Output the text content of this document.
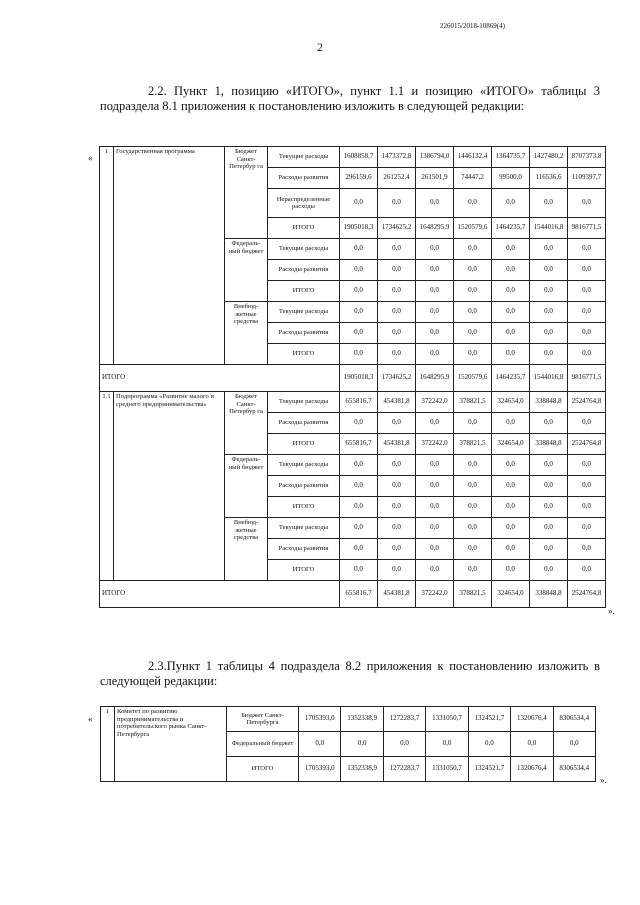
226015/2018-10869(4)
2
2.2. Пункт 1, позицию «ИТОГО», пункт 1.1 и позицию «ИТОГО» таблицы 3 подраздела 8.1 приложения к постановлению изложить в следующей редакции:
«
1	Государственная программа	Бюджет Санкт-Петербур га	Текущие расходы	1608858,7	1473372,8	1386794,0	1446132,4	1364735,7	1427480,2	8707373,8
			Расходы развития	296159,6	261252,4	261501,9	74447,2	99500,0	116536,6	1109397,7
			Нераспределенные расходы	0,0	0,0	0,0	0,0	0,0	0,0	0,0
			ИТОГО	1905018,3	1734625,2	1648295,9	1520579,6	1464235,7	1544016,8	9816771,5
		Федераль-ный бюджет	Текущие расходы	0,0	0,0	0,0	0,0	0,0	0,0	0,0
			Расходы развития	0,0	0,0	0,0	0,0	0,0	0,0	0,0
			ИТОГО	0,0	0,0	0,0	0,0	0,0	0,0	0,0
		Внебюд-жетные средства	Текущие расходы	0,0	0,0	0,0	0,0	0,0	0,0	0,0
			Расходы развития	0,0	0,0	0,0	0,0	0,0	0,0	0,0
			ИТОГО	0,0	0,0	0,0	0,0	0,0	0,0	0,0
ИТОГО				1905018,3	1734625,2	1648295,9	1520579,6	1464235,7	1544016,8	9816771,5
1.1	Подпрограмма «Развитие малого и среднего предпринимательства»	Бюджет Санкт-Петербур га	Текущие расходы	655816,7	454381,8	372242,0	378821,5	324654,0	338848,8	2524764,8
			Расходы развития	0,0	0,0	0,0	0,0	0,0	0,0	0,0
			ИТОГО	655816,7	454381,8	372242,0	378821,5	324654,0	338848,8	2524764,8
		Федераль-ный бюджет	Текущие расходы	0,0	0,0	0,0	0,0	0,0	0,0	0,0
			Расходы развития	0,0	0,0	0,0	0,0	0,0	0,0	0,0
			ИТОГО	0,0	0,0	0,0	0,0	0,0	0,0	0,0
		Внебюд-жетные средства	Текущие расходы	0,0	0,0	0,0	0,0	0,0	0,0	0,0
			Расходы развития	0,0	0,0	0,0	0,0	0,0	0,0	0,0
			ИТОГО	0,0	0,0	0,0	0,0	0,0	0,0	0,0
ИТОГО				655816,7	454381,8	372242,0	378821,5	324654,0	338848,8	2524764,8
».
2.3.Пункт 1 таблицы 4 подраздела 8.2 приложения к постановлению изложить в следующей редакции:
«
1	Комитет по развитию предпринимательства и потребительского рынка Санкт-Петербурга	Бюджет Санкт-Петербурга	1705393,0	1352338,9	1272283,7	1331050,7	1324521,7	1320676,4	8306534,4
		Федеральный бюджет	0,0	0,0	0,0	0,0	0,0	0,0	0,0
		ИТОГО	1705393,0	1352338,9	1272283,7	1331050,7	1324521,7	1320676,4	8306534,4
».
